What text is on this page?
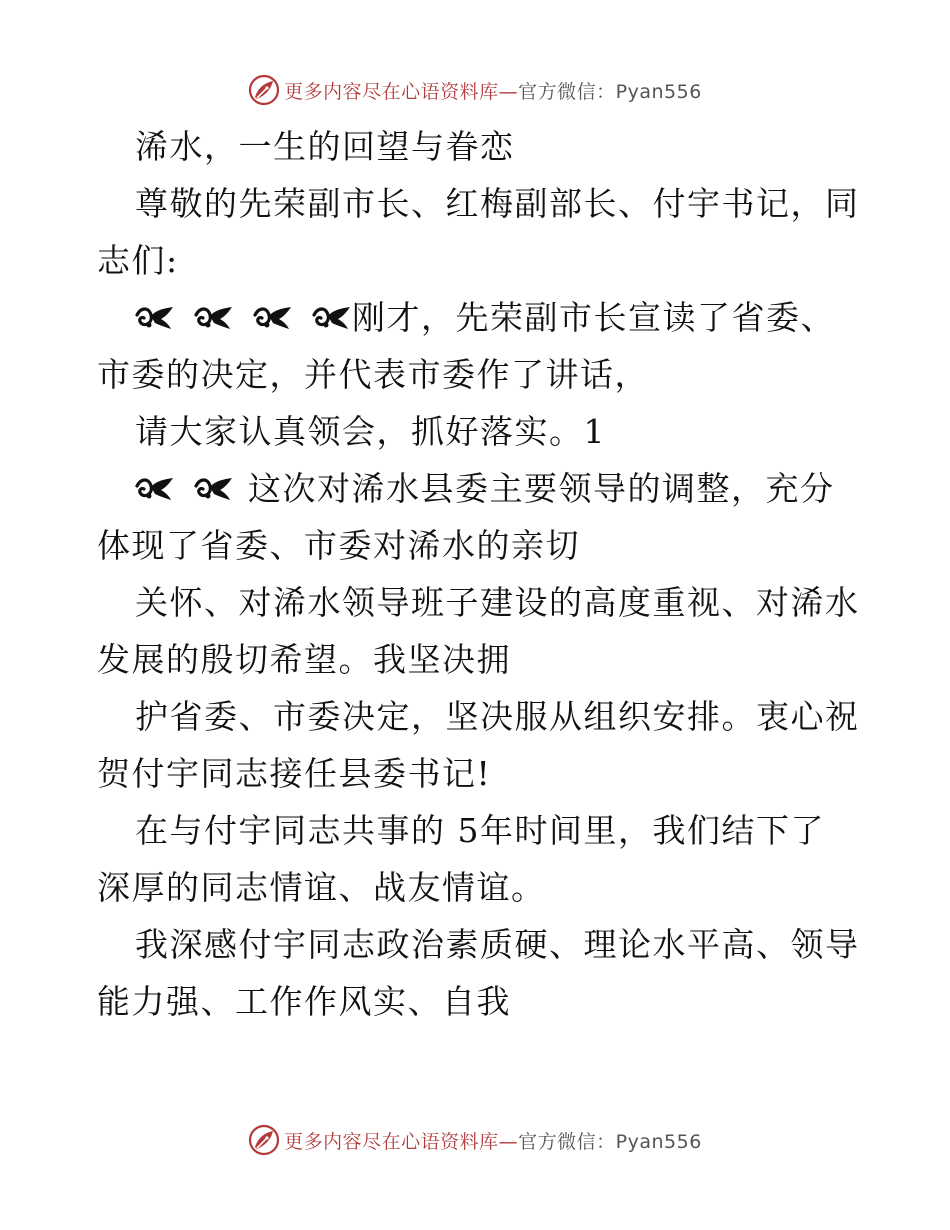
更多内容尽在心语资料库—官方微信：Pyan556
浠水，一生的回望与眷恋
尊敬的先荣副市长、红梅副部长、付宇书记，同
志们:
刚才，先荣副市长宣读了省委、
市委的决定，并代表市委作了讲话，
请大家认真领会，抓好落实。1
这次对浠水县委主要领导的调整，充分
体现了省委、市委对浠水的亲切
关怀、对浠水领导班子建设的高度重视、对浠水
发展的殷切希望。我坚决拥
护省委、市委决定，坚决服从组织安排。衷心祝
贺付宇同志接任县委书记!
在与付宇同志共事的 5年时间里，我们结下了
深厚的同志情谊、战友情谊。
我深感付宇同志政治素质硬、理论水平高、领导
能力强、工作作风实、自我
更多内容尽在心语资料库—官方微信：Pyan556
